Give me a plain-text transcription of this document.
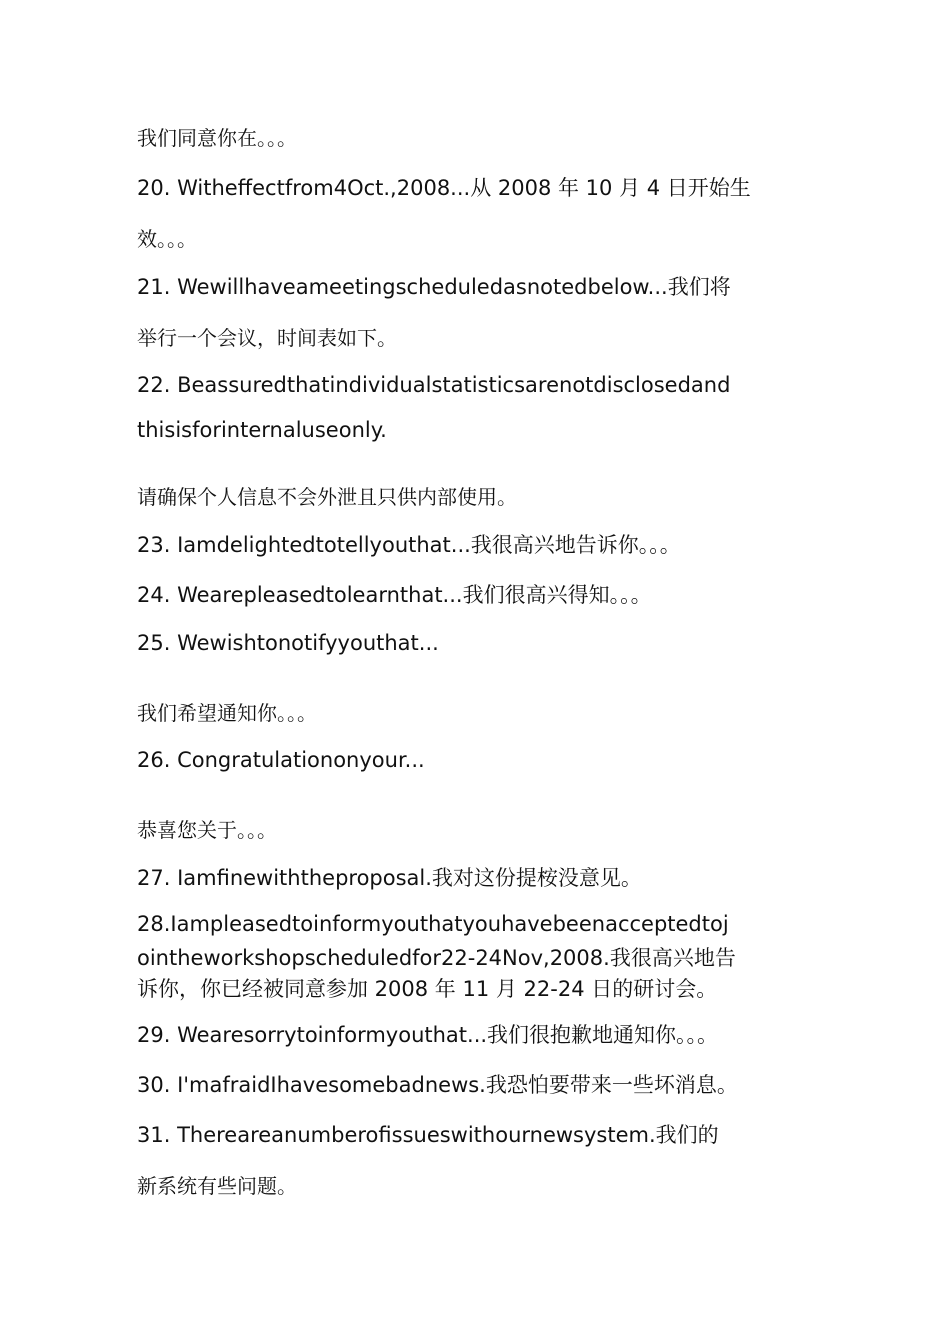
我们同意你在。。。
20. Witheffectfrom4Oct.,2008...从 2008 年 10 月 4 日开始生
效。。。
21. Wewillhaveameetingscheduledasnotedbelow...我们将
举行一个会议，时间表如下。
22. Beassuredthatindividualstatisticsarenotdisclosedand
thisisforinternaluseonly.
请确保个人信息不会外泄且只供内部使用。
23. Iamdelightedtotellyouthat...我很高兴地告诉你。。。
24. Wearepleasedtolearnthat...我们很高兴得知。。。
25. Wewishtonotifyyouthat...
我们希望通知你。。。
26. Congratulationonyour...
恭喜您关于。。。
27. Iamfinewiththeproposal.我对这份提桉没意见。
28.Iampleasedtoinformyouthatyouhavebeenacceptedtoj
ointheworkshopscheduledfor22-24Nov,2008.我很高兴地告
诉你，你已经被同意参加 2008 年 11 月 22-24 日的研讨会。
29. Wearesorrytoinformyouthat...我们很抱歉地通知你。。。
30. I'mafraidIhavesomebadnews.我恐怕要带来一些坏消息。
31. Thereareanumberofissueswithournewsystem.我们的
新系统有些问题。
